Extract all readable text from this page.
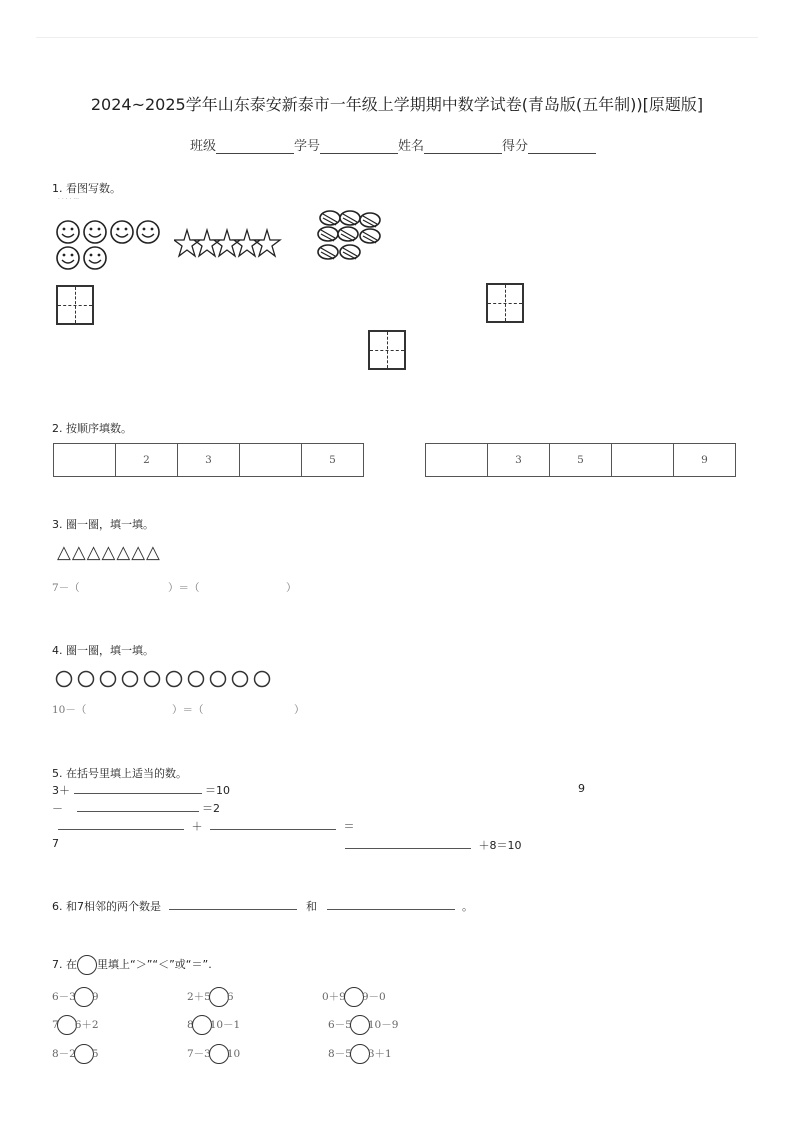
2024~2025学年山东泰安新泰市一年级上学期期中数学试卷(青岛版(五年制))[原题版]
班级	学号	姓名	得分
1. 看图写数。
· · · · ···
2. 按顺序填数。
	2	3		5
		3	5		9
3. 圈一圈，填一填。
△△△△△△△
7－（	）＝（	）
4. 圈一圈，填一填。
10－（	）＝（	）
5. 在括号里填上适当的数。
3＋	＝10	9
－	＝2
＋	＝
7	＋8＝10
6. 和7相邻的两个数是	和	。
7. 在 里填上“＞”“＜”或“＝”.
6－3 9	2＋5 6	0＋9 9－0
7 6＋2	8 10－1	6－5 10－9
8－2 5	7－3 10	8－5 3＋1
